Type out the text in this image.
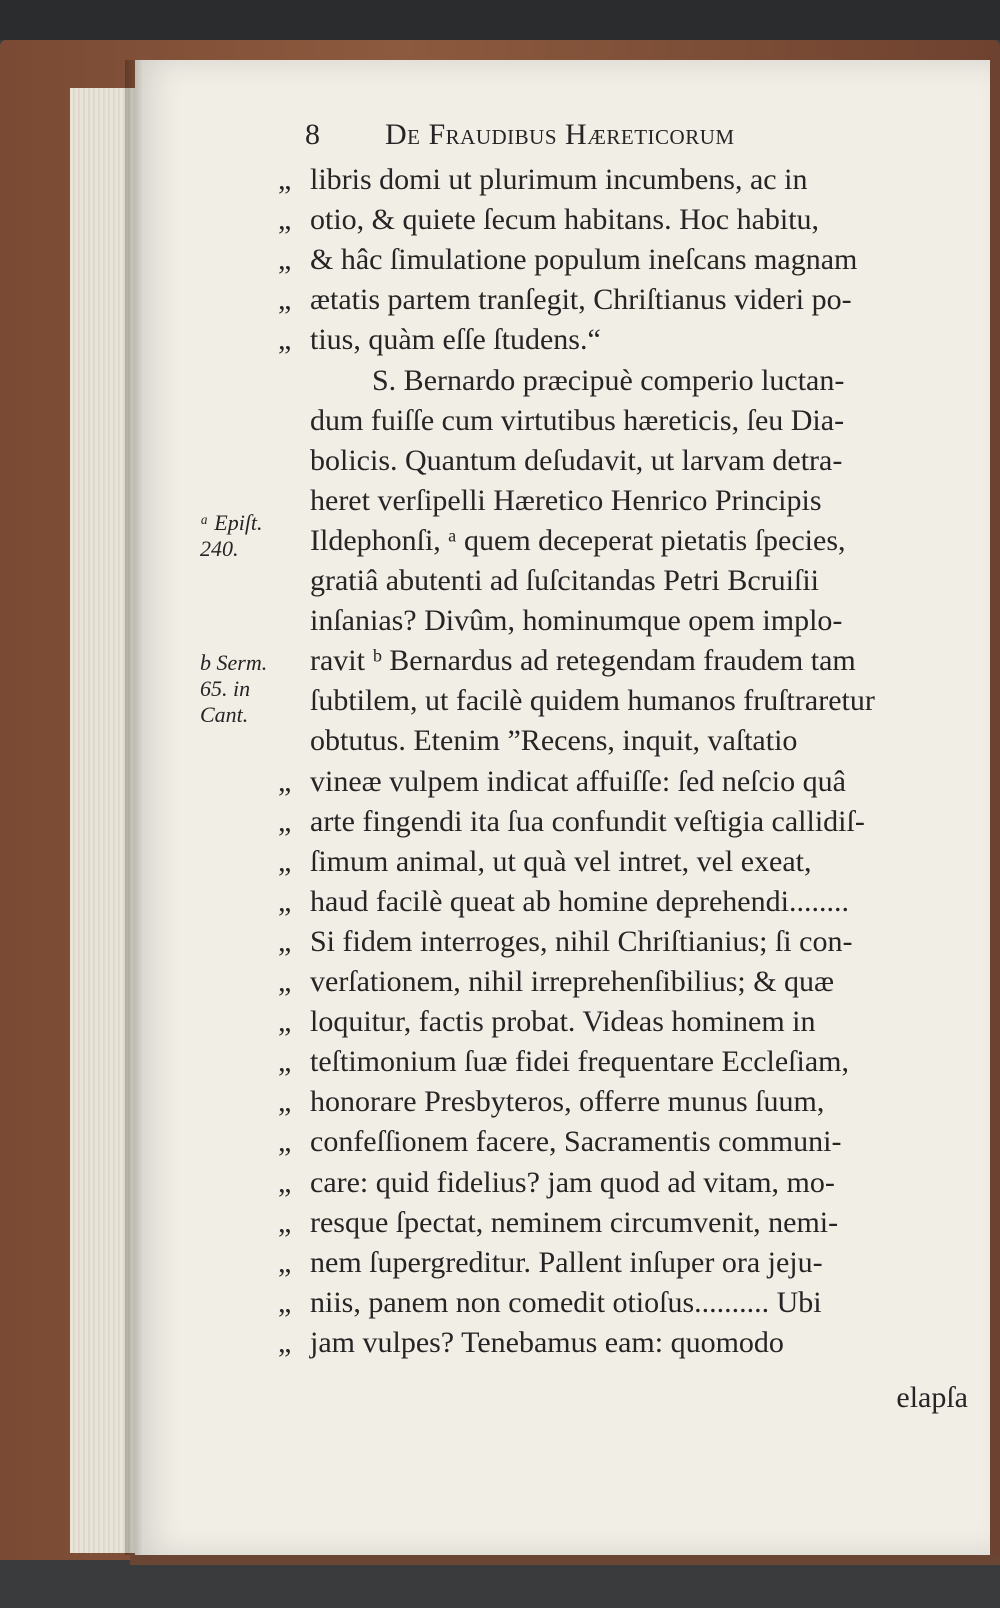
8 De Fraudibus Hæreticorum
„ libris domi ut plurimum incumbens, ac in
„ otio, & quiete ſecum habitans. Hoc habitu,
„ & hâc ſimulatione populum ineſcans magnam
„ ætatis partem tranſegit, Chriſtianus videri po-
„ tius, quàm eſſe ſtudens.“
S. Bernardo præcipuè comperio luctan-
dum fuiſſe cum virtutibus hæreticis, ſeu Dia-
bolicis. Quantum deſudavit, ut larvam detra-
heret verſipelli Hæretico Henrico Principis
Ildephonſi, ᵃ quem deceperat pietatis ſpecies,
gratiâ abutenti ad ſuſcitandas Petri Bcruiſii
inſanias? Divûm, hominumque opem implo-
ravit ᵇ Bernardus ad retegendam fraudem tam
ſubtilem, ut facilè quidem humanos fruſtraretur
obtutus. Etenim ”Recens, inquit, vaſtatio
„ vineæ vulpem indicat affuiſſe: ſed neſcio quâ
„ arte fingendi ita ſua confundit veſtigia callidiſ-
„ ſimum animal, ut quà vel intret, vel exeat,
„ haud facilè queat ab homine deprehendi........
„ Si fidem interroges, nihil Chriſtianius; ſi con-
„ verſationem, nihil irreprehenſibilius; & quæ
„ loquitur, factis probat. Videas hominem in
„ teſtimonium ſuæ fidei frequentare Eccleſiam,
„ honorare Presbyteros, offerre munus ſuum,
„ confeſſionem facere, Sacramentis communi-
„ care: quid fidelius? jam quod ad vitam, mo-
„ resque ſpectat, neminem circumvenit, nemi-
„ nem ſupergreditur. Pallent inſuper ora jeju-
„ niis, panem non comedit otioſus.......... Ubi
„ jam vulpes? Tenebamus eam: quomodo
elapſa
ᵃ Epiſt.
240.
b Serm.
65. in
Cant.
